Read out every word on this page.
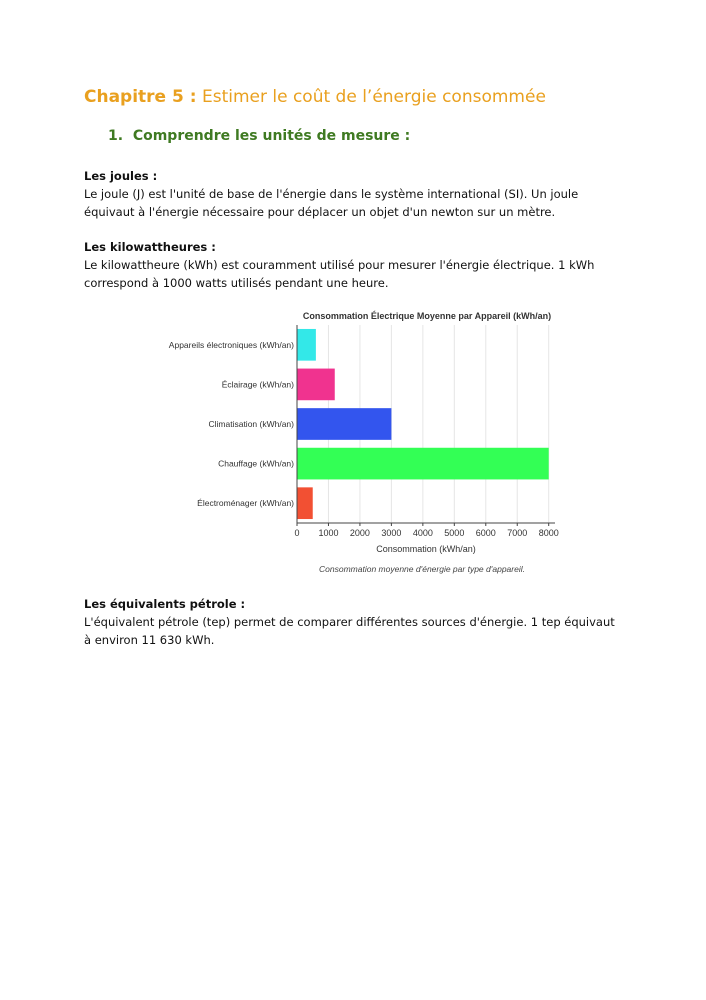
Chapitre 5 : Estimer le coût de l’énergie consommée
1. Comprendre les unités de mesure :

Les joules :

Le joule (J) est l'unité de base de l'énergie dans le système international (SI). Un joule équivaut à l'énergie nécessaire pour déplacer un objet d'un newton sur un mètre.

Les kilowattheures :

Le kilowattheure (kWh) est couramment utilisé pour mesurer l'énergie électrique. 1 kWh correspond à 1000 watts utilisés pendant une heure.

Consommation Électrique Moyenne par Appareil (kWh/an)
Appareils électroniques (kWh/an)
Éclairage (kWh/an)
Climatisation (kWh/an)
Chauffage (kWh/an)
Électroménager (kWh/an)
0 1000 2000 3000 4000 5000 6000 7000 8000
Consommation (kWh/an)
Consommation moyenne d'énergie par type d'appareil.

Les équivalents pétrole :

L'équivalent pétrole (tep) permet de comparer différentes sources d'énergie. 1 tep équivaut à environ 11 630 kWh.
